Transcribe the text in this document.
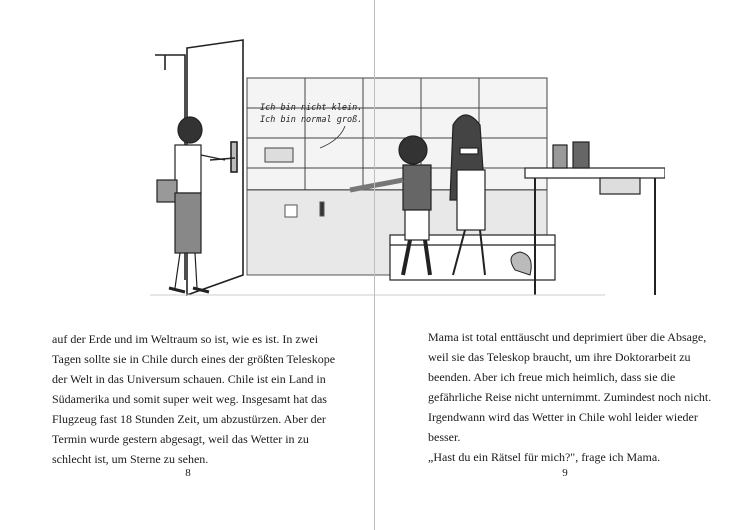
Ich bin nicht klein.
Ich bin normal groß.

auf der Erde und im Weltraum so ist, wie es ist. In zwei Tagen sollte sie in Chile durch eines der größten Teleskope der Welt in das Universum schauen. Chile ist ein Land in Südamerika und somit super weit weg. Insgesamt hat das Flugzeug fast 18 Stunden Zeit, um abzustürzen. Aber der Termin wurde gestern abgesagt, weil das Wetter in zu schlecht ist, um Sterne zu sehen.

8

Mama ist total enttäuscht und deprimiert über die Absage, weil sie das Teleskop braucht, um ihre Doktorarbeit zu beenden. Aber ich freue mich heimlich, dass sie die gefährliche Reise nicht unternimmt. Zumindest noch nicht. Irgendwann wird das Wetter in Chile wohl leider wieder besser.

„Hast du ein Rätsel für mich?", frage ich Mama.

9
